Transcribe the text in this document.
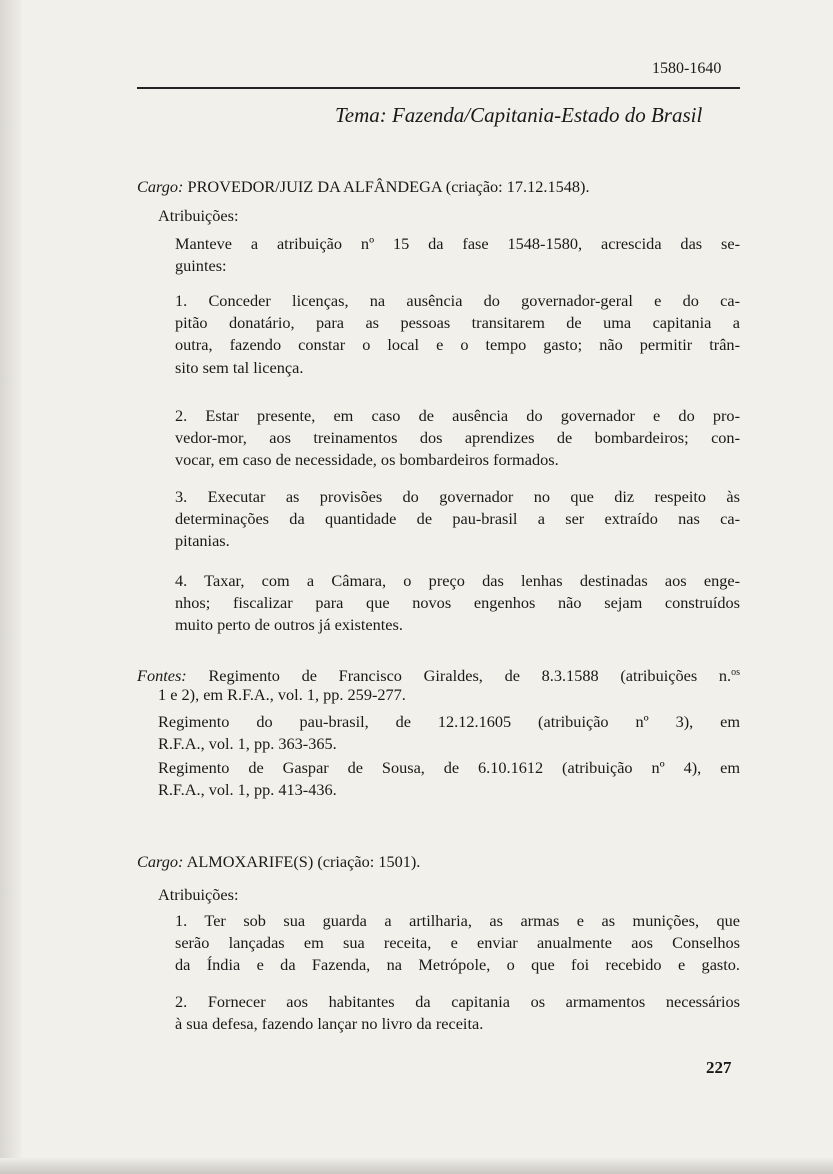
1580-1640
Tema: Fazenda/Capitania-Estado do Brasil
Cargo: PROVEDOR/JUIZ DA ALFÂNDEGA (criação: 17.12.1548).
Atribuições:
Manteve a atribuição nº 15 da fase 1548-1580, acrescida das se-
guintes:
1. Conceder licenças, na ausência do governador-geral e do ca-
pitão donatário, para as pessoas transitarem de uma capitania a
outra, fazendo constar o local e o tempo gasto; não permitir trân-
sito sem tal licença.
2. Estar presente, em caso de ausência do governador e do pro-
vedor-mor, aos treinamentos dos aprendizes de bombardeiros; con-
vocar, em caso de necessidade, os bombardeiros formados.
3. Executar as provisões do governador no que diz respeito às
determinações da quantidade de pau-brasil a ser extraído nas ca-
pitanias.
4. Taxar, com a Câmara, o preço das lenhas destinadas aos enge-
nhos; fiscalizar para que novos engenhos não sejam construídos
muito perto de outros já existentes.
Fontes: Regimento de Francisco Giraldes, de 8.3.1588 (atribuições n.$^{os}$
1 e 2), em R.F.A., vol. 1, pp. 259-277.
Regimento do pau-brasil, de 12.12.1605 (atribuição nº 3), em
R.F.A., vol. 1, pp. 363-365.
Regimento de Gaspar de Sousa, de 6.10.1612 (atribuição nº 4), em
R.F.A., vol. 1, pp. 413-436.
Cargo: ALMOXARIFE(S) (criação: 1501).
Atribuições:
1. Ter sob sua guarda a artilharia, as armas e as munições, que
serão lançadas em sua receita, e enviar anualmente aos Conselhos
da Índia e da Fazenda, na Metrópole, o que foi recebido e gasto.
2. Fornecer aos habitantes da capitania os armamentos necessários
à sua defesa, fazendo lançar no livro da receita.
227
